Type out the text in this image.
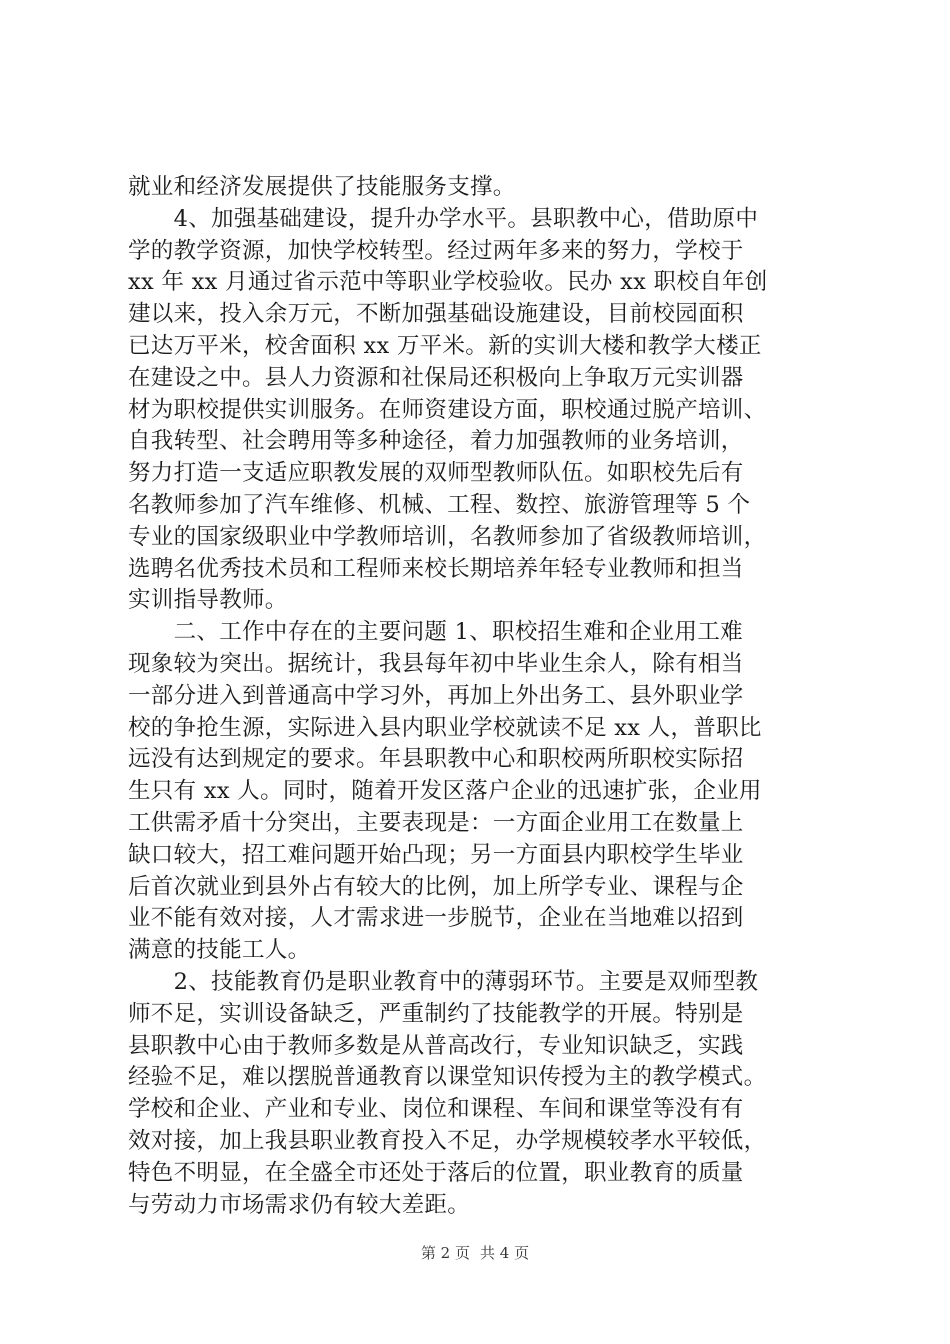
就业和经济发展提供了技能服务支撑。
　　4、加强基础建设，提升办学水平。县职教中心，借助原中
学的教学资源，加快学校转型。经过两年多来的努力，学校于
xx 年 xx 月通过省示范中等职业学校验收。民办 xx 职校自年创
建以来，投入余万元，不断加强基础设施建设，目前校园面积
已达万平米，校舍面积 xx 万平米。新的实训大楼和教学大楼正
在建设之中。县人力资源和社保局还积极向上争取万元实训器
材为职校提供实训服务。在师资建设方面，职校通过脱产培训、
自我转型、社会聘用等多种途径，着力加强教师的业务培训，
努力打造一支适应职教发展的双师型教师队伍。如职校先后有
名教师参加了汽车维修、机械、工程、数控、旅游管理等 5 个
专业的国家级职业中学教师培训，名教师参加了省级教师培训，
选聘名优秀技术员和工程师来校长期培养年轻专业教师和担当
实训指导教师。
　　二、工作中存在的主要问题 1、职校招生难和企业用工难
现象较为突出。据统计，我县每年初中毕业生余人，除有相当
一部分进入到普通高中学习外，再加上外出务工、县外职业学
校的争抢生源，实际进入县内职业学校就读不足 xx 人，普职比
远没有达到规定的要求。年县职教中心和职校两所职校实际招
生只有 xx 人。同时，随着开发区落户企业的迅速扩张，企业用
工供需矛盾十分突出，主要表现是：一方面企业用工在数量上
缺口较大，招工难问题开始凸现；另一方面县内职校学生毕业
后首次就业到县外占有较大的比例，加上所学专业、课程与企
业不能有效对接，人才需求进一步脱节，企业在当地难以招到
满意的技能工人。
　　2、技能教育仍是职业教育中的薄弱环节。主要是双师型教
师不足，实训设备缺乏，严重制约了技能教学的开展。特别是
县职教中心由于教师多数是从普高改行，专业知识缺乏，实践
经验不足，难以摆脱普通教育以课堂知识传授为主的教学模式。
学校和企业、产业和专业、岗位和课程、车间和课堂等没有有
效对接，加上我县职业教育投入不足，办学规模较孝水平较低，
特色不明显，在全盛全市还处于落后的位置，职业教育的质量
与劳动力市场需求仍有较大差距。
第 2 页 共 4 页
